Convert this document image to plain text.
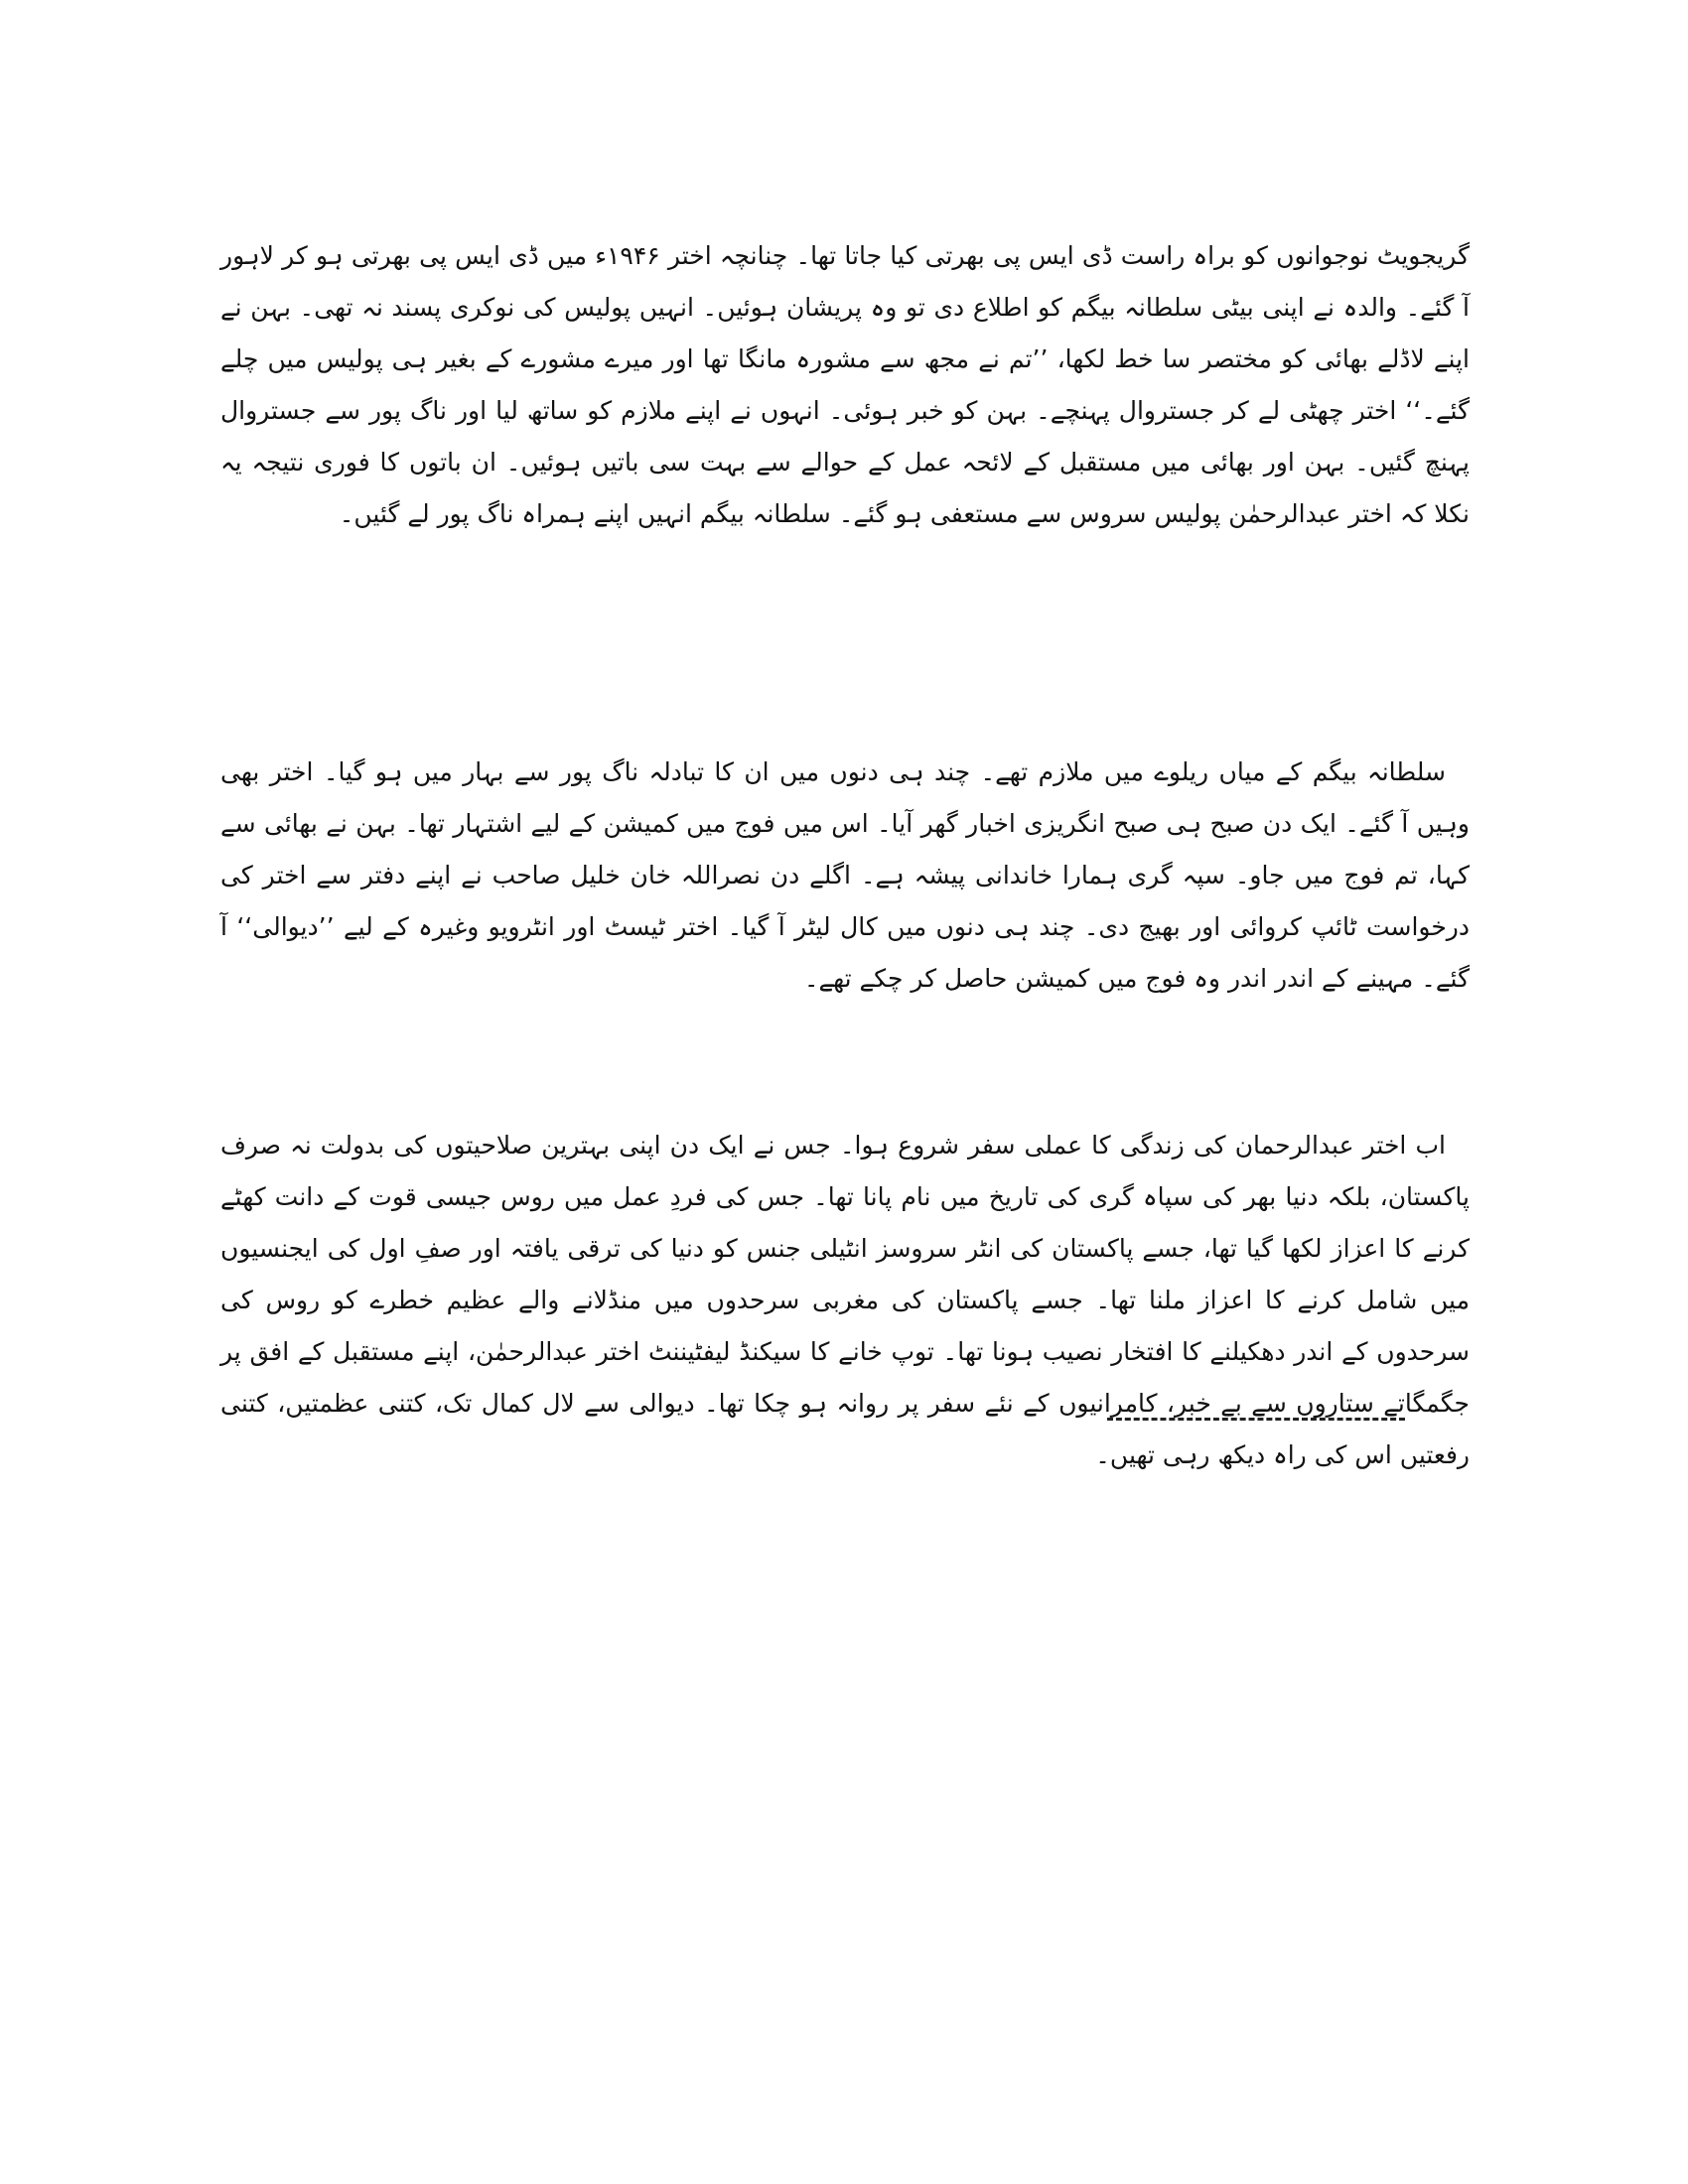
گریجویٹ نوجوانوں کو براہ راست ڈی ایس پی بھرتی کیا جاتا تھا۔ چنانچہ اختر ۱۹۴۶ء میں ڈی ایس پی بھرتی ہو کر لاہور آ گئے۔ والدہ نے اپنی بیٹی سلطانہ بیگم کو اطلاع دی تو وہ پریشان ہوئیں۔ انہیں پولیس کی نوکری پسند نہ تھی۔ بہن نے اپنے لاڈلے بھائی کو مختصر سا خط لکھا، ’’تم نے مجھ سے مشورہ مانگا تھا اور میرے مشورے کے بغیر ہی پولیس میں چلے گئے۔‘‘ اختر چھٹی لے کر جستروال پہنچے۔ بہن کو خبر ہوئی۔ انہوں نے اپنے ملازم کو ساتھ لیا اور ناگ پور سے جستروال پہنچ گئیں۔ بہن اور بھائی میں مستقبل کے لائحہ عمل کے حوالے سے بہت سی باتیں ہوئیں۔ ان باتوں کا فوری نتیجہ یہ نکلا کہ اختر عبدالرحمٰن پولیس سروس سے مستعفی ہو گئے۔ سلطانہ بیگم انہیں اپنے ہمراہ ناگ پور لے گئیں۔

سلطانہ بیگم کے میاں ریلوے میں ملازم تھے۔ چند ہی دنوں میں ان کا تبادلہ ناگ پور سے بہار میں ہو گیا۔ اختر بھی وہیں آ گئے۔ ایک دن صبح ہی صبح انگریزی اخبار گھر آیا۔ اس میں فوج میں کمیشن کے لیے اشتہار تھا۔ بہن نے بھائی سے کہا، تم فوج میں جاو۔ سپہ گری ہمارا خاندانی پیشہ ہے۔ اگلے دن نصراللہ خان خلیل صاحب نے اپنے دفتر سے اختر کی درخواست ٹائپ کروائی اور بھیج دی۔ چند ہی دنوں میں کال لیٹر آ گیا۔ اختر ٹیسٹ اور انٹرویو وغیرہ کے لیے ’’دیوالی‘‘ آ گئے۔ مہینے کے اندر اندر وہ فوج میں کمیشن حاصل کر چکے تھے۔

اب اختر عبدالرحمان کی زندگی کا عملی سفر شروع ہوا۔ جس نے ایک دن اپنی بہترین صلاحیتوں کی بدولت نہ صرف پاکستان، بلکہ دنیا بھر کی سپاہ گری کی تاریخ میں نام پانا تھا۔ جس کی فردِ عمل میں روس جیسی قوت کے دانت کھٹے کرنے کا اعزاز لکھا گیا تھا، جسے پاکستان کی انٹر سروسز انٹیلی جنس کو دنیا کی ترقی یافتہ اور صفِ اول کی ایجنسیوں میں شامل کرنے کا اعزاز ملنا تھا۔ جسے پاکستان کی مغربی سرحدوں میں منڈلانے والے عظیم خطرے کو روس کی سرحدوں کے اندر دھکیلنے کا افتخار نصیب ہونا تھا۔ توپ خانے کا سیکنڈ لیفٹیننٹ اختر عبدالرحمٰن، اپنے مستقبل کے افق پر جگمگاتے ستاروں سے بے خبر، کامرانیوں کے نئے سفر پر روانہ ہو چکا تھا۔ دیوالی سے لال کمال تک، کتنی عظمتیں، کتنی رفعتیں اس کی راہ دیکھ رہی تھیں۔
